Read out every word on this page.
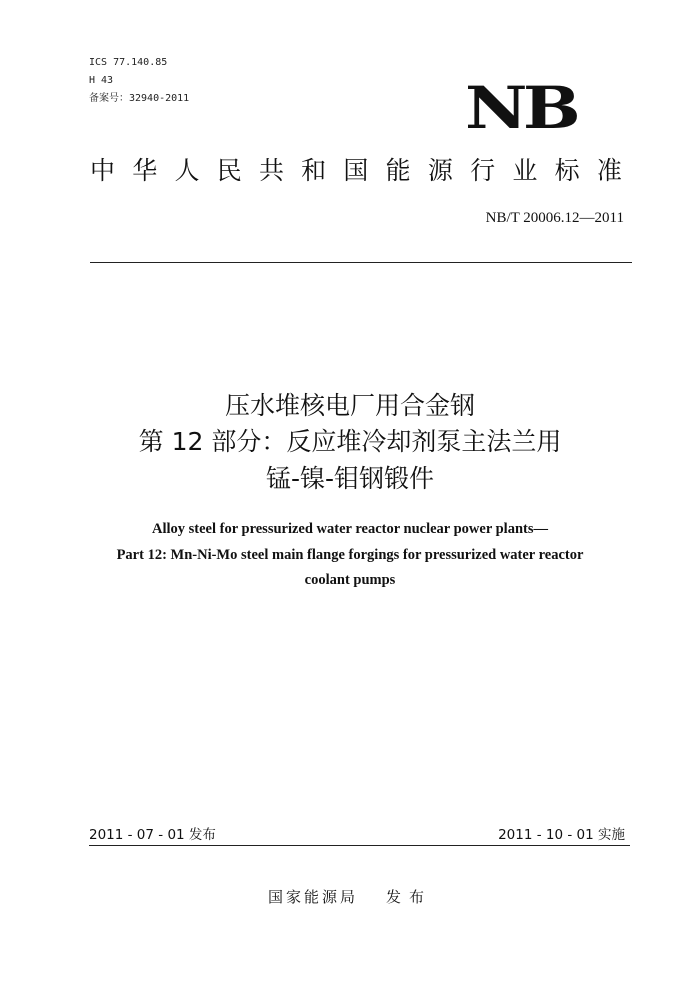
ICS 77.140.85
H 43
备案号：32940-2011	NB
中 华 人 民 共 和 国 能 源 行 业 标 准
NB/T 20006.12—2011
压水堆核电厂用合金钢
第 12 部分：反应堆冷却剂泵主法兰用
锰-镍-钼钢锻件
Alloy steel for pressurized water reactor nuclear power plants—
Part 12: Mn-Ni-Mo steel main flange forgings for pressurized water reactor
coolant pumps
2011 - 07 - 01 发布	2011 - 10 - 01 实施
国家能源局 发布
